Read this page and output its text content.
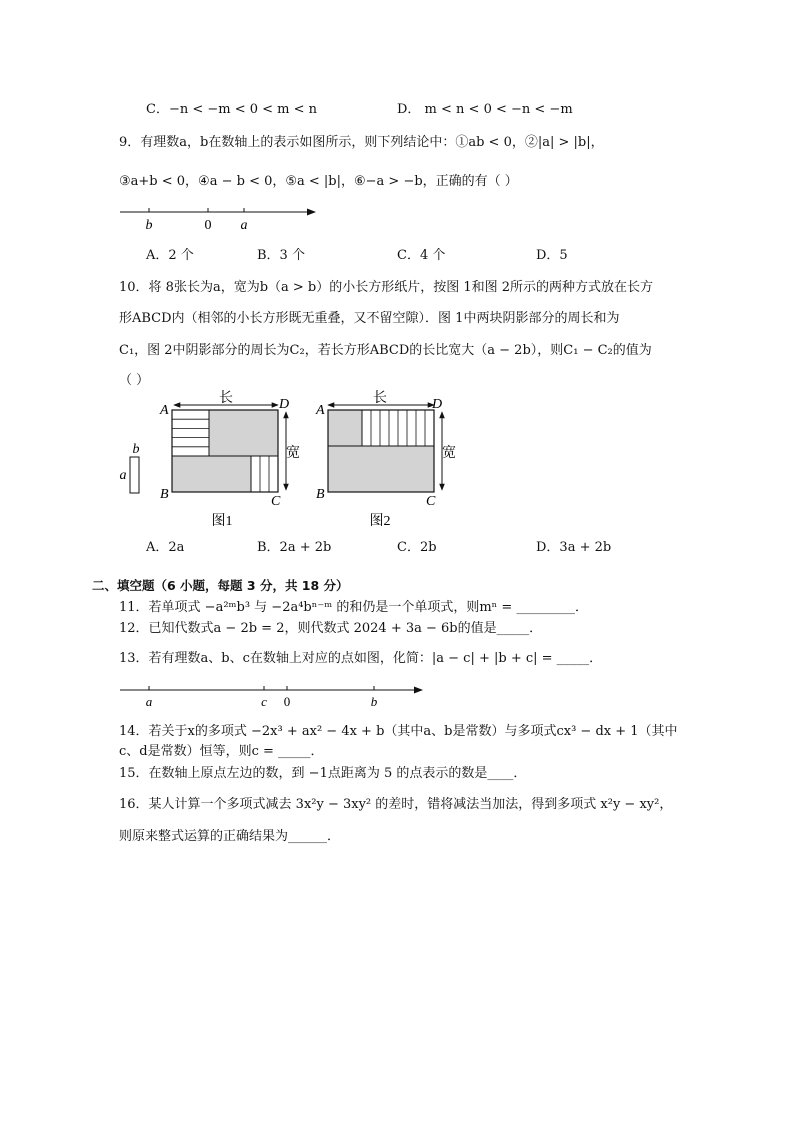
C．−n < −m < 0 < m < n	D． m < n < 0 < −n < −m
9．有理数a，b在数轴上的表示如图所示，则下列结论中：①ab < 0，②|a| > |b|，
③a+b < 0，④a − b < 0，⑤a < |b|，⑥−a > −b，正确的有（ ）
b	0 a
A．2 个	B．3 个	C．4 个	D．5
10．将 8张长为a，宽为b（a > b）的小长方形纸片，按图 1和图 2所示的两种方式放在长方
形ABCD内（相邻的小长方形既无重叠，又不留空隙）．图 1中两块阴影部分的周长和为
C₁，图 2中阴影部分的周长为C₂，若长方形ABCD的长比宽大（a − 2b），则C₁ − C₂的值为
（ ）
b
a
长
宽
A	D
B	C
图1
长
宽
A	D
B	C
图2
A．2a	B．2a + 2b	C．2b	D．3a + 2b
二、填空题（6 小题，每题 3 分，共 18 分）
11．若单项式 −a²ᵐb³ 与 −2a⁴bⁿ⁻ᵐ 的和仍是一个单项式，则mⁿ = _________．
12．已知代数式a − 2b = 2，则代数式 2024 + 3a − 6b的值是_____．
13．若有理数a、b、c在数轴上对应的点如图，化简：|a − c| + |b + c| = _____．
a	c 0	b
14．若关于x的多项式 −2x³ + ax² − 4x + b（其中a、b是常数）与多项式cx³ − dx + 1（其中
c、d是常数）恒等，则c = _____．
15．在数轴上原点左边的数，到 −1点距离为 5 的点表示的数是____．
16．某人计算一个多项式减去 3x²y − 3xy² 的差时，错将减法当加法，得到多项式 x²y − xy²，
则原来整式运算的正确结果为______．
